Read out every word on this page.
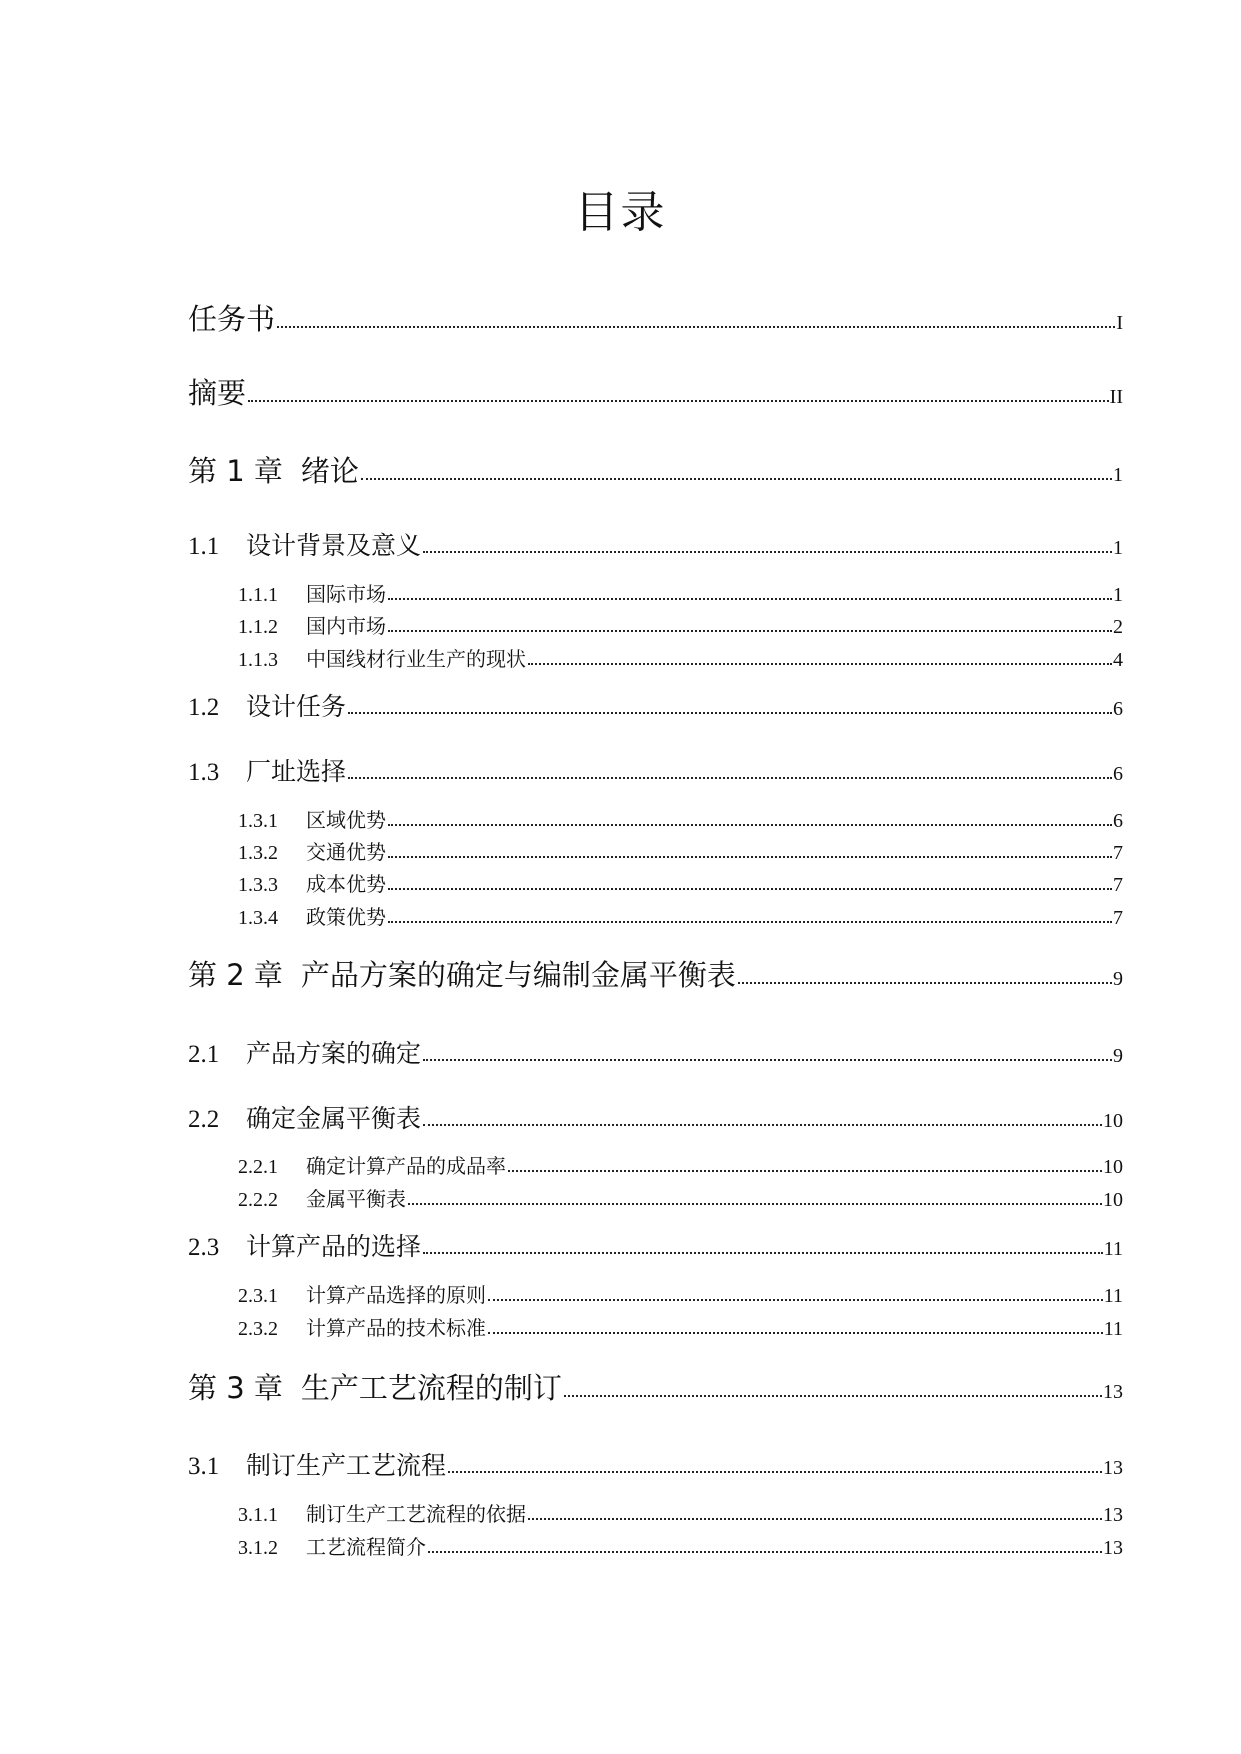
目录
任务书	I
摘要	II
第 1 章 绪论	1
1.1	设计背景及意义	1
1.1.1	国际市场	1
1.1.2	国内市场	2
1.1.3	中国线材行业生产的现状	4
1.2	设计任务	6
1.3	厂址选择	6
1.3.1	区域优势	6
1.3.2	交通优势	7
1.3.3	成本优势	7
1.3.4	政策优势	7
第 2 章 产品方案的确定与编制金属平衡表	9
2.1	产品方案的确定	9
2.2	确定金属平衡表	10
2.2.1	确定计算产品的成品率	10
2.2.2	金属平衡表	10
2.3	计算产品的选择	11
2.3.1	计算产品选择的原则	11
2.3.2	计算产品的技术标准	11
第 3 章 生产工艺流程的制订	13
3.1	制订生产工艺流程	13
3.1.1	制订生产工艺流程的依据	13
3.1.2	工艺流程简介	13
